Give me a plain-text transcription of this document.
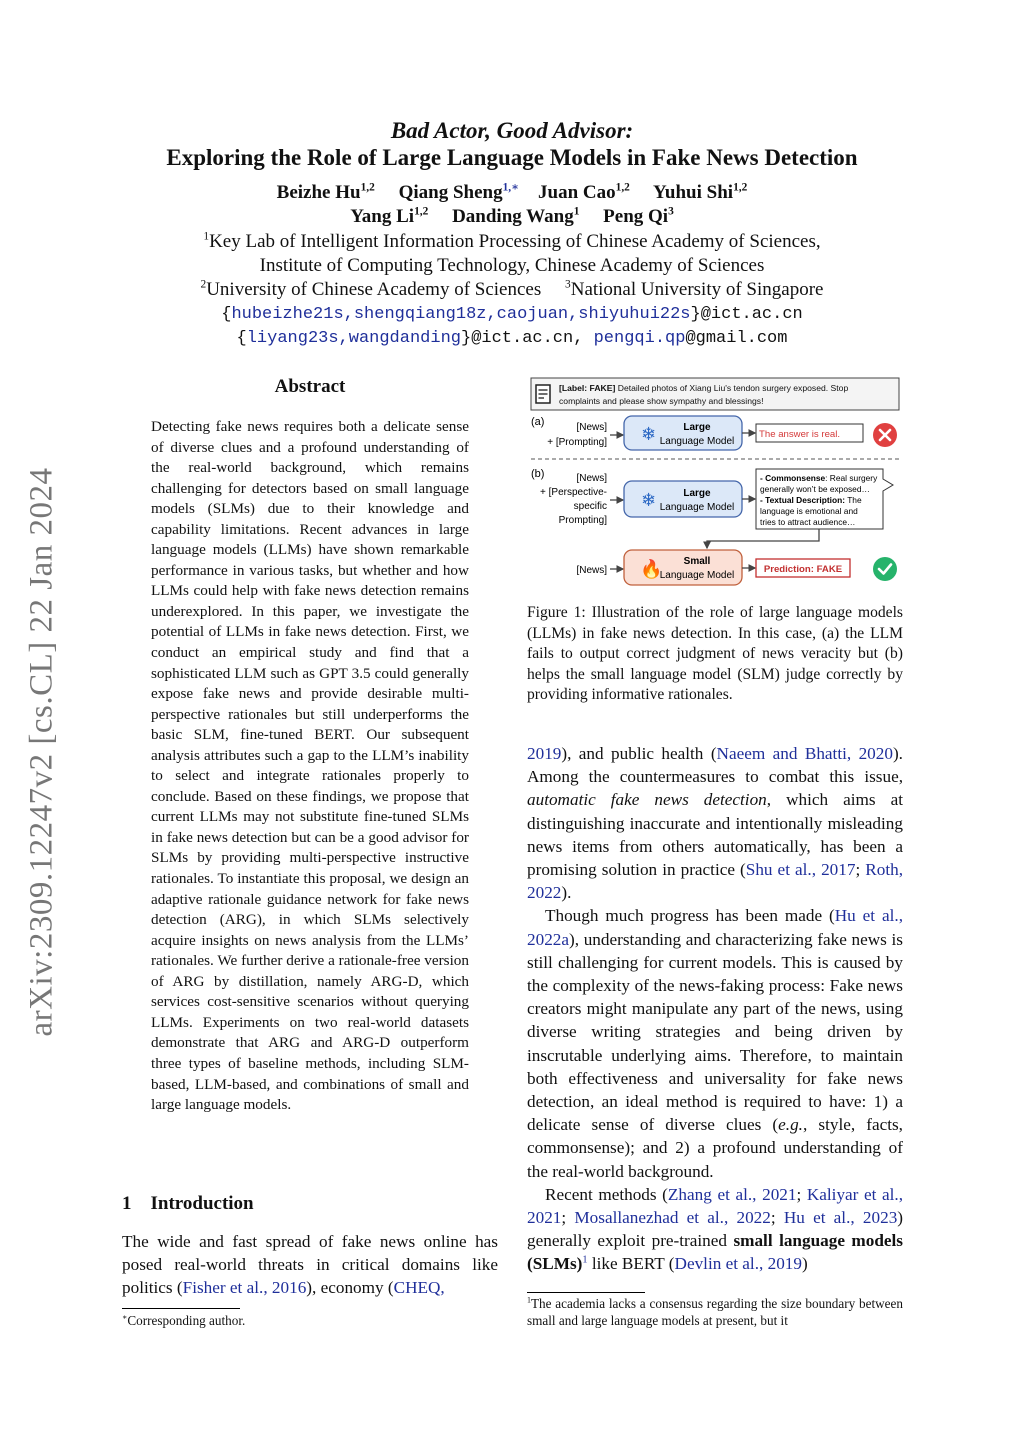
Bad Actor, Good Advisor:
Exploring the Role of Large Language Models in Fake News Detection
Beizhe Hu$^{1,2}$ Qiang Sheng$^{1,∗}$ Juan Cao$^{1,2}$ Yuhui Shi$^{1,2}$
Yang Li$^{1,2}$ Danding Wang$^1$ Peng Qi$^3$
$^1$Key Lab of Intelligent Information Processing of Chinese Academy of Sciences,
Institute of Computing Technology, Chinese Academy of Sciences
$^2$University of Chinese Academy of Sciences $^3$National University of Singapore
{hubeizhe21s,shengqiang18z,caojuan,shiyuhui22s}@ict.ac.cn
{liyang23s,wangdanding}@ict.ac.cn, pengqi.qp@gmail.com
arXiv:2309.12247v2 [cs.CL] 22 Jan 2024
Abstract
Detecting fake news requires both a delicate sense of diverse clues and a profound understanding of the real-world background, which remains challenging for detectors based on small language models (SLMs) due to their knowledge and capability limitations. Recent advances in large language models (LLMs) have shown remarkable performance in various tasks, but whether and how LLMs could help with fake news detection remains underexplored. In this paper, we investigate the potential of LLMs in fake news detection. First, we conduct an empirical study and find that a sophisticated LLM such as GPT 3.5 could generally expose fake news and provide desirable multi-perspective rationales but still underperforms the basic SLM, fine-tuned BERT. Our subsequent analysis attributes such a gap to the LLM’s inability to select and integrate rationales properly to conclude. Based on these findings, we propose that current LLMs may not substitute fine-tuned SLMs in fake news detection but can be a good advisor for SLMs by providing multi-perspective instructive rationales. To instantiate this proposal, we design an adaptive rationale guidance network for fake news detection (ARG), in which SLMs selectively acquire insights on news analysis from the LLMs’ rationales. We further derive a rationale-free version of ARG by distillation, namely ARG-D, which services cost-sensitive scenarios without querying LLMs. Experiments on two real-world datasets demonstrate that ARG and ARG-D outperform three types of baseline methods, including SLM-based, LLM-based, and combinations of small and large language models.
1 Introduction
The wide and fast spread of fake news online has posed real-world threats in critical domains like politics (Fisher et al., 2016), economy (CHEQ,
∗Corresponding author.
[Label: FAKE] Detailed photos of Xiang Liu's tendon surgery exposed. Stop
complaints and please show sympathy and blessings!
(a)	[News]
+ [Prompting] ❄	Large
Language Model
The answer is real.
(b)	[News]
+ [Perspective-
specific
Prompting]
❄	Large
Language Model
- Commonsense: Real surgery
generally won’t be exposed…
- Textual Description: The
language is emotional and
tries to attract audience…
[News] 🔥 Small
Language Model
Prediction: FAKE
Figure 1: Illustration of the role of large language models (LLMs) in fake news detection. In this case, (a) the LLM fails to output correct judgment of news veracity but (b) helps the small language model (SLM) judge correctly by providing informative rationales.

2019), and public health (Naeem and Bhatti, 2020). Among the countermeasures to combat this issue, automatic fake news detection, which aims at distinguishing inaccurate and intentionally misleading news items from others automatically, has been a promising solution in practice (Shu et al., 2017; Roth, 2022).

Though much progress has been made (Hu et al., 2022a), understanding and characterizing fake news is still challenging for current models. This is caused by the complexity of the news-faking process: Fake news creators might manipulate any part of the news, using diverse writing strategies and being driven by inscrutable underlying aims. Therefore, to maintain both effectiveness and universality for fake news detection, an ideal method is required to have: 1) a delicate sense of diverse clues (e.g., style, facts, commonsense); and 2) a profound understanding of the real-world background.

Recent methods (Zhang et al., 2021; Kaliyar et al., 2021; Mosallanezhad et al., 2022; Hu et al., 2023) generally exploit pre-trained small language models (SLMs)$^1$ like BERT (Devlin et al., 2019)

$^1$The academia lacks a consensus regarding the size boundary between small and large language models at present, but it
